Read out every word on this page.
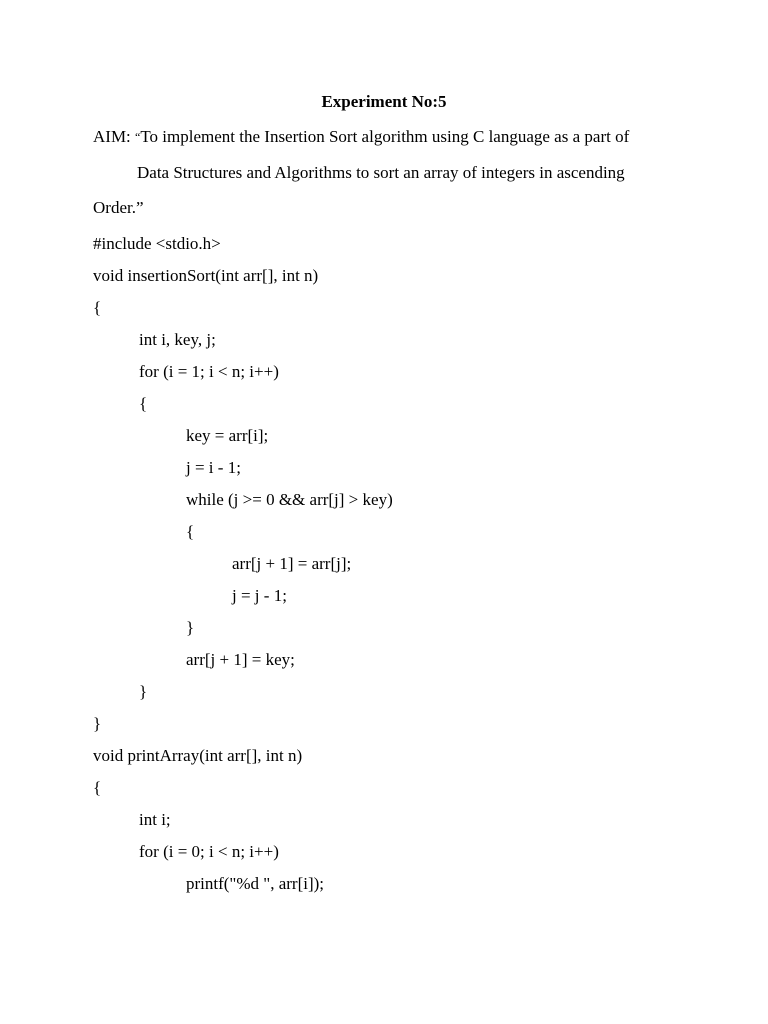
Experiment No:5
AIM: “To implement the Insertion Sort algorithm using C language as a part of
Data Structures and Algorithms to sort an array of integers in ascending
Order.”
#include <stdio.h>
void insertionSort(int arr[], int n)
{
int i, key, j;
for (i = 1; i < n; i++)
{
key = arr[i];
j = i - 1;
while (j >= 0 && arr[j] > key)
{
arr[j + 1] = arr[j];
j = j - 1;
}
arr[j + 1] = key;
}
}
void printArray(int arr[], int n)
{
int i;
for (i = 0; i < n; i++)
printf("%d ", arr[i]);
